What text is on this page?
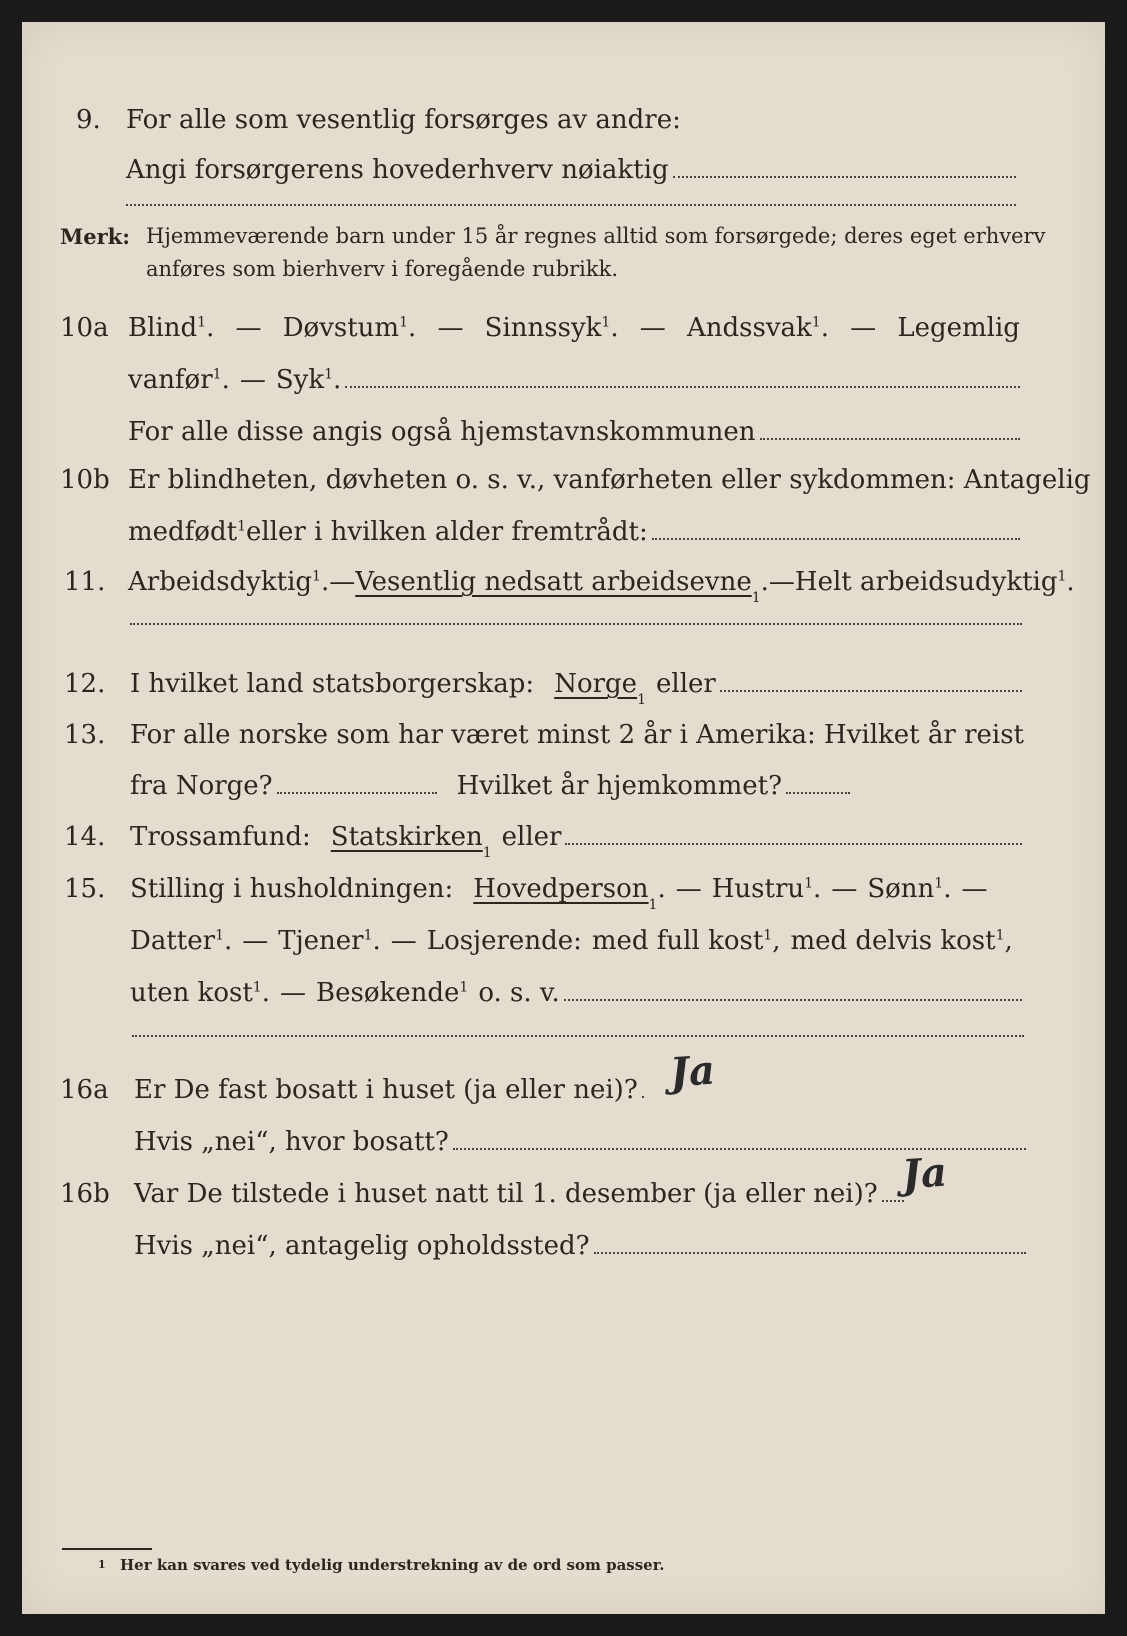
9. For alle som vesentlig forsørges av andre:
Angi forsørgerens hovederhverv nøiaktig
Merk: Hjemmeværende barn under 15 år regnes alltid som forsørgede; deres eget erhverv
anføres som bierhverv i foregående rubrikk.
10a Blind$^1$. — Døvstum$^1$. — Sinnssyk$^1$. — Andssvak$^1$. — Legemlig
vanfør$^1$. — Syk$^1$.
For alle disse angis også hjemstavnskommunen
10b Er blindheten, døvheten o. s. v., vanførheten eller sykdommen: Antagelig
medfødt$^1$ eller i hvilken alder fremtrådt:
11. Arbeidsdyktig$^1$. — Vesentlig nedsatt arbeidsevne
1
. — Helt arbeidsudyktig$^1$.
12. I hvilket land statsborgerskap: Norge
1
eller
13. For alle norske som har været minst 2 år i Amerika: Hvilket år reist
fra Norge?	Hvilket år hjemkommet?
14. Trossamfund: Statskirken
1
eller
15. Stilling i husholdningen: Hovedperson
1
. — Hustru$^1$. — Sønn$^1$. —
Datter$^1$. — Tjener$^1$. — Losjerende: med full kost$^1$, med delvis kost$^1$,
uten kost$^1$. — Besøkende$^1$ o. s. v.
16a Er De fast bosatt i huset (ja eller nei)? Ja
Hvis „nei“, hvor bosatt?
16b Var De tilstede i huset natt til 1. desember (ja eller nei)? Ja
Hvis „nei“, antagelig opholdssted?
1 Her kan svares ved tydelig understrekning av de ord som passer.
